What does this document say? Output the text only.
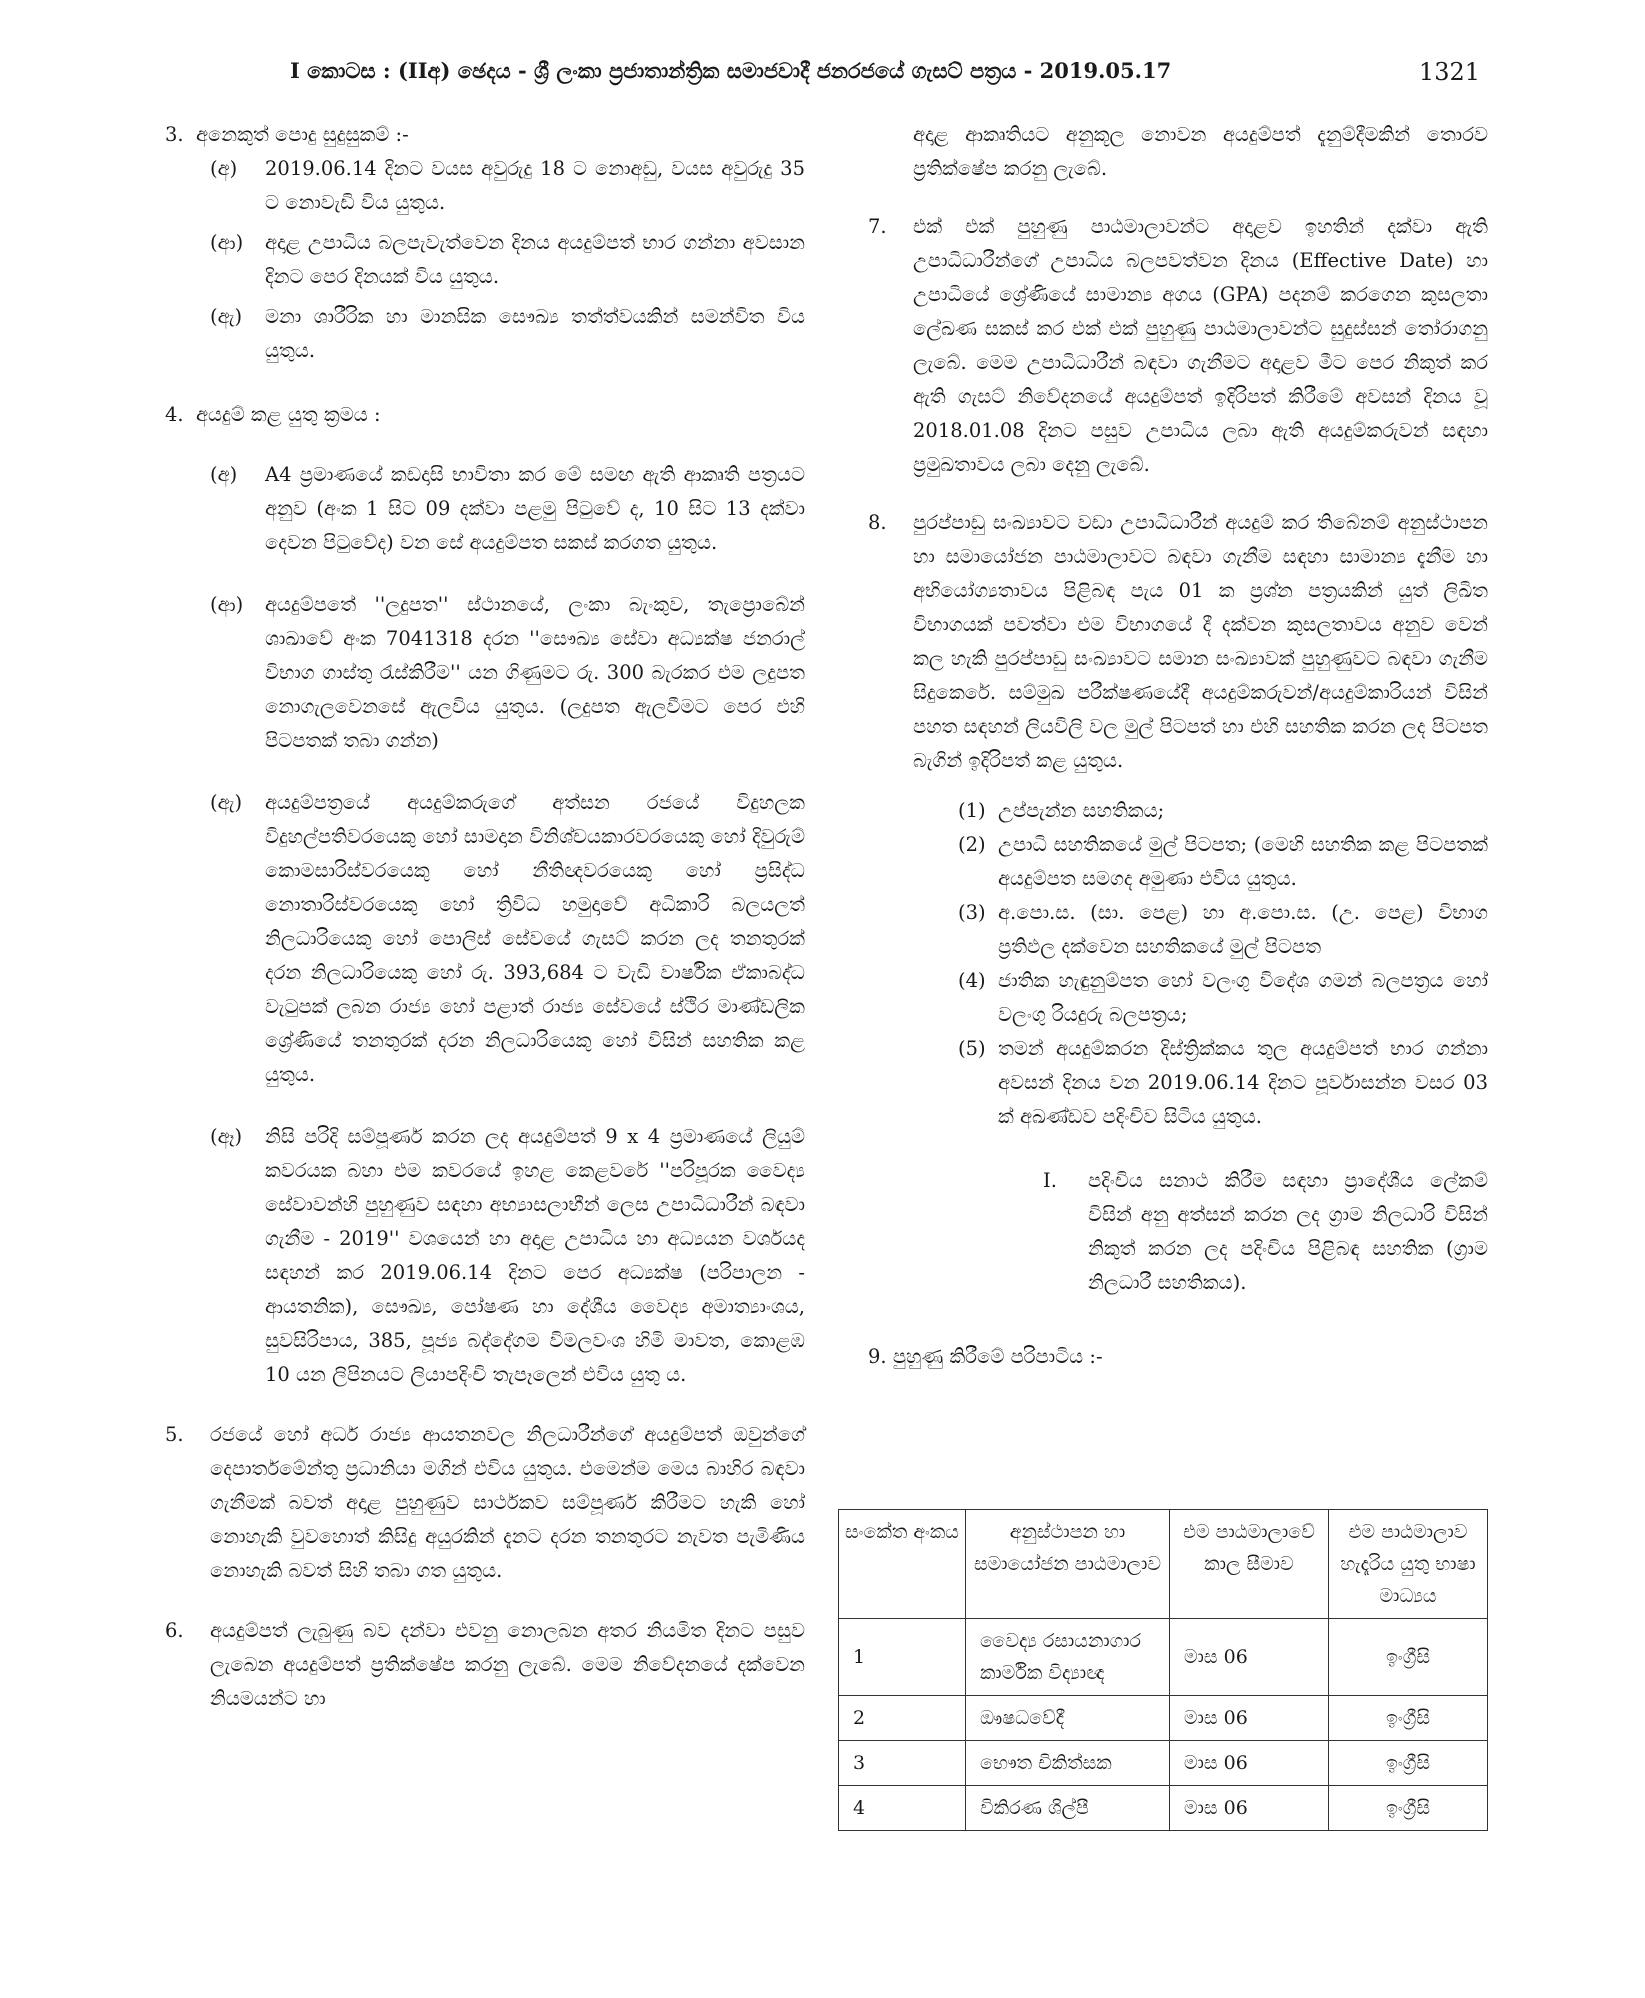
I කොටස : (IIඅ) ඡෙදය - ශ්‍රී ලංකා ප්‍රජාතාන්ත්‍රික සමාජවාදී ජනරජයේ ගැසට් පත්‍රය - 2019.05.17	1321
3. අනෙකුත් පොදු සුදුසුකම් :-
(අ) 2019.06.14 දිනට වයස අවුරුදු 18 ට නොඅඩු, වයස අවුරුදු 35 ට නොවැඩි විය යුතුය.
(ආ) අදාළ උපාධිය බලපැවැත්වෙන දිනය අයදුම්පත් භාර ගන්නා අවසාන දිනට පෙර දිනයක් විය යුතුය.
(ඇ) මනා ශාරීරික හා මානසික සෞඛ්‍ය තත්ත්වයකින් සමන්විත විය යුතුය.
4. අයදුම් කළ යුතු ක්‍රමය :
(අ) A4 ප්‍රමාණයේ කඩදාසි භාවිතා කර මේ සමඟ ඇති ආකෘති පත්‍රයට අනුව (අංක 1 සිට 09 දක්වා පළමු පිටුවේ ද, 10 සිට 13 දක්වා දෙවන පිටුවේද) වන සේ අයදුම්පත සකස් කරගත යුතුය.
(ආ) අයදුම්පතේ ''ලදුපත'' ස්ථානයේ, ලංකා බැංකුව, තැප්‍රොබේන් ශාඛාවේ අංක 7041318 දරන ''සෞඛ්‍ය සේවා අධ්‍යක්ෂ ජනරාල් විභාග ගාස්තු රැස්කිරීම'' යන ගිණුමට රු. 300 බැරකර එම ලදුපත නොගැලවෙනසේ ඇලවිය යුතුය. (ලදුපත ඇලවීමට පෙර එහි පිටපතක් තබා ගන්න)
(ඇ) අයදුම්පත්‍රයේ අයදුම්කරුගේ අත්සන රජයේ විදුහලක විදුහල්පතිවරයෙකු හෝ සාමදාන විනිශ්චයකාරවරයෙකු හෝ දිවුරුම් කොමසාරිස්වරයෙකු හෝ නීතිඥවරයෙකු හෝ ප්‍රසිද්ධ නොතාරිස්වරයෙකු හෝ ත්‍රිවිධ හමුදාවේ අධිකාරි බලයලත් නිලධාරියෙකු හෝ පොලිස් සේවයේ ගැසට් කරන ලද තනතුරක් දරන නිලධාරියෙකු හෝ රු. 393,684 ට වැඩි වාර්ෂික ඒකාබද්ධ වැටුපක් ලබන රාජ්‍ය හෝ පළාත් රාජ්‍ය සේවයේ ස්ථිර මාණ්ඩලික ශ්‍රේණියේ තනතුරක් දරන නිලධාරියෙකු හෝ විසින් සහතික කළ යුතුය.
(ඈ) නිසි පරිදි සම්පූර්ණ කරන ලද අයදුම්පත් 9 x 4 ප්‍රමාණයේ ලියුම් කවරයක බහා එම කවරයේ ඉහළ කෙළවරේ ''පරිපූරක වෛද්‍ය සේවාවන්හි පුහුණුව සඳහා අභ්‍යාසලාභීන් ලෙස උපාධිධාරීන් බඳවා ගැනීම - 2019'' වශයෙන් හා අදාළ උපාධිය හා අධ්‍යයන වර්ශයද සඳහන් කර 2019.06.14 දිනට පෙර අධ්‍යක්ෂ (පරිපාලන - ආයතනික), සෞඛ්‍ය, පෝෂණ හා දේශීය වෛද්‍ය අමාත්‍යාංශය, සුවසිරිපාය, 385, පූජ්‍ය බද්දේගම විමලවංශ හිමි මාවත, කොළඹ 10 යන ලිපිනයට ලියාපදිංචි තැපෑලෙන් එවිය යුතු ය.
5. රජයේ හෝ අර්ධ රාජ්‍ය ආයතනවල නිලධාරීන්ගේ අයදුම්පත් ඔවුන්ගේ දෙපාර්තමේන්තු ප්‍රධානියා මගින් එවිය යුතුය. එමෙන්ම මෙය බාහිර බඳවා ගැනීමක් බවත් අදාළ පුහුණුව සාර්ථකව සම්පූර්ණ කිරීමට හැකි හෝ නොහැකි වුවහොත් කිසිදු අයුරකින් දැනට දරන තනතුරට නැවත පැමිණිය නොහැකි බවත් සිහි තබා ගත යුතුය.
6. අයදුම්පත් ලැබුණු බව දන්වා එවනු නොලබන අතර නියමිත දිනට පසුව ලැබෙන අයදුම්පත් ප්‍රතික්ෂේප කරනු ලැබේ. මෙම නිවේදනයේ දක්වෙන නියමයන්ට හා
අදාළ ආකෘතියට අනුකූල නොවන අයදුම්පත් දැනුම්දීමකින් තොරව ප්‍රතික්ෂේප කරනු ලැබේ.
7. එක් එක් පුහුණු පාඨමාලාවන්ට අදාළව ඉහතින් දක්වා ඇති උපාධිධාරීන්ගේ උපාධිය බලපවත්වන දිනය (Effective Date) හා උපාධියේ ශ්‍රේණියේ සාමාන්‍ය අගය (GPA) පදනම් කරගෙන කුසලතා ලේඛණ සකස් කර එක් එක් පුහුණු පාඨමාලාවන්ට සුදුස්සන් තෝරාගනු ලැබේ. මෙම උපාධිධාරීන් බඳවා ගැනීමට අදාළව මීට පෙර නිකුත් කර ඇති ගැසට් නිවේදනයේ අයදුම්පත් ඉදිරිපත් කිරීමේ අවසන් දිනය වූ 2018.01.08 දිනට පසුව උපාධිය ලබා ඇති අයදුම්කරුවන් සඳහා ප්‍රමුඛතාවය ලබා දෙනු ලැබේ.
8. පුරප්පාඩු සංඛ්‍යාවට වඩා උපාධිධාරීන් අයදුම් කර තිබේනම් අනුස්ථාපන හා සමායෝජන පාඨමාලාවට බඳවා ගැනීම සඳහා සාමාන්‍ය දැනීම හා අභියෝග්‍යතාවය පිළිබඳ පැය 01 ක ප්‍රශ්න පත්‍රයකින් යුත් ලිඛිත විභාගයක් පවත්වා එම විභාගයේ දී දක්වන කුසලතාවය අනුව වෙන් කල හැකි පුරප්පාඩු සංඛ්‍යාවට සමාන සංඛ්‍යාවක් පුහුණුවට බඳවා ගැනීම සිදුකෙරේ. සම්මුඛ පරීක්ෂණයේදී අයදුම්කරුවන්/අයදුම්කාරියන් විසින් පහත සඳහන් ලියවිලි වල මුල් පිටපත් හා එහි සහතික කරන ලද පිටපත බැගින් ඉදිරිපත් කළ යුතුය.
(1) උප්පැන්න සහතිකය;
(2) උපාධි සහතිකයේ මුල් පිටපත; (මෙහි සහතික කළ පිටපතක් අයදුම්පත සමගද අමුණා එවිය යුතුය.
(3) අ.පො.ස. (සා. පෙළ) හා අ.පො.ස. (උ. පෙළ) විභාග ප්‍රතිඵල දක්වෙන සහතිකයේ මුල් පිටපත
(4) ජාතික හැඳුනුම්පත හෝ වලංගු විදේශ ගමන් බලපත්‍රය හෝ වලංගු රියදුරු බලපත්‍රය;
(5) තමන් අයදුම්කරන දිස්ත්‍රික්කය තුල අයදුම්පත් භාර ගන්නා අවසන් දිනය වන 2019.06.14 දිනට පූර්වාසන්න වසර 03 ක් අඛණ්ඩව පදිංචිව සිටිය යුතුය.
I. පදිංචිය සනාථ කිරීම සඳහා ප්‍රාදේශීය ලේකම් විසින් අනු අත්සන් කරන ලද ග්‍රාම නිලධාරි විසින් නිකුත් කරන ලද පදිංචිය පිළිබඳ සහතික (ග්‍රාම නිලධාරී සහතිකය).
9. පුහුණු කිරීමේ පරිපාටිය :-
සංකේත අංකය	අනුස්ථාපන හා සමායෝජන පාඨමාලාව	එම පාඨමාලාවේ කාල සීමාව	එම පාඨමාලාව හැදෑරිය යුතු භාෂා මාධ්‍යය
1	වෛද්‍ය රසායනාගාර කාර්මික විද්‍යාඥ	මාස 06	ඉංග්‍රීසි
2	ඖෂධවේදී	මාස 06	ඉංග්‍රීසි
3	භෞත චිකිත්සක	මාස 06	ඉංග්‍රීසි
4	විකිරණ ශිල්පී	මාස 06	ඉංග්‍රීසි
